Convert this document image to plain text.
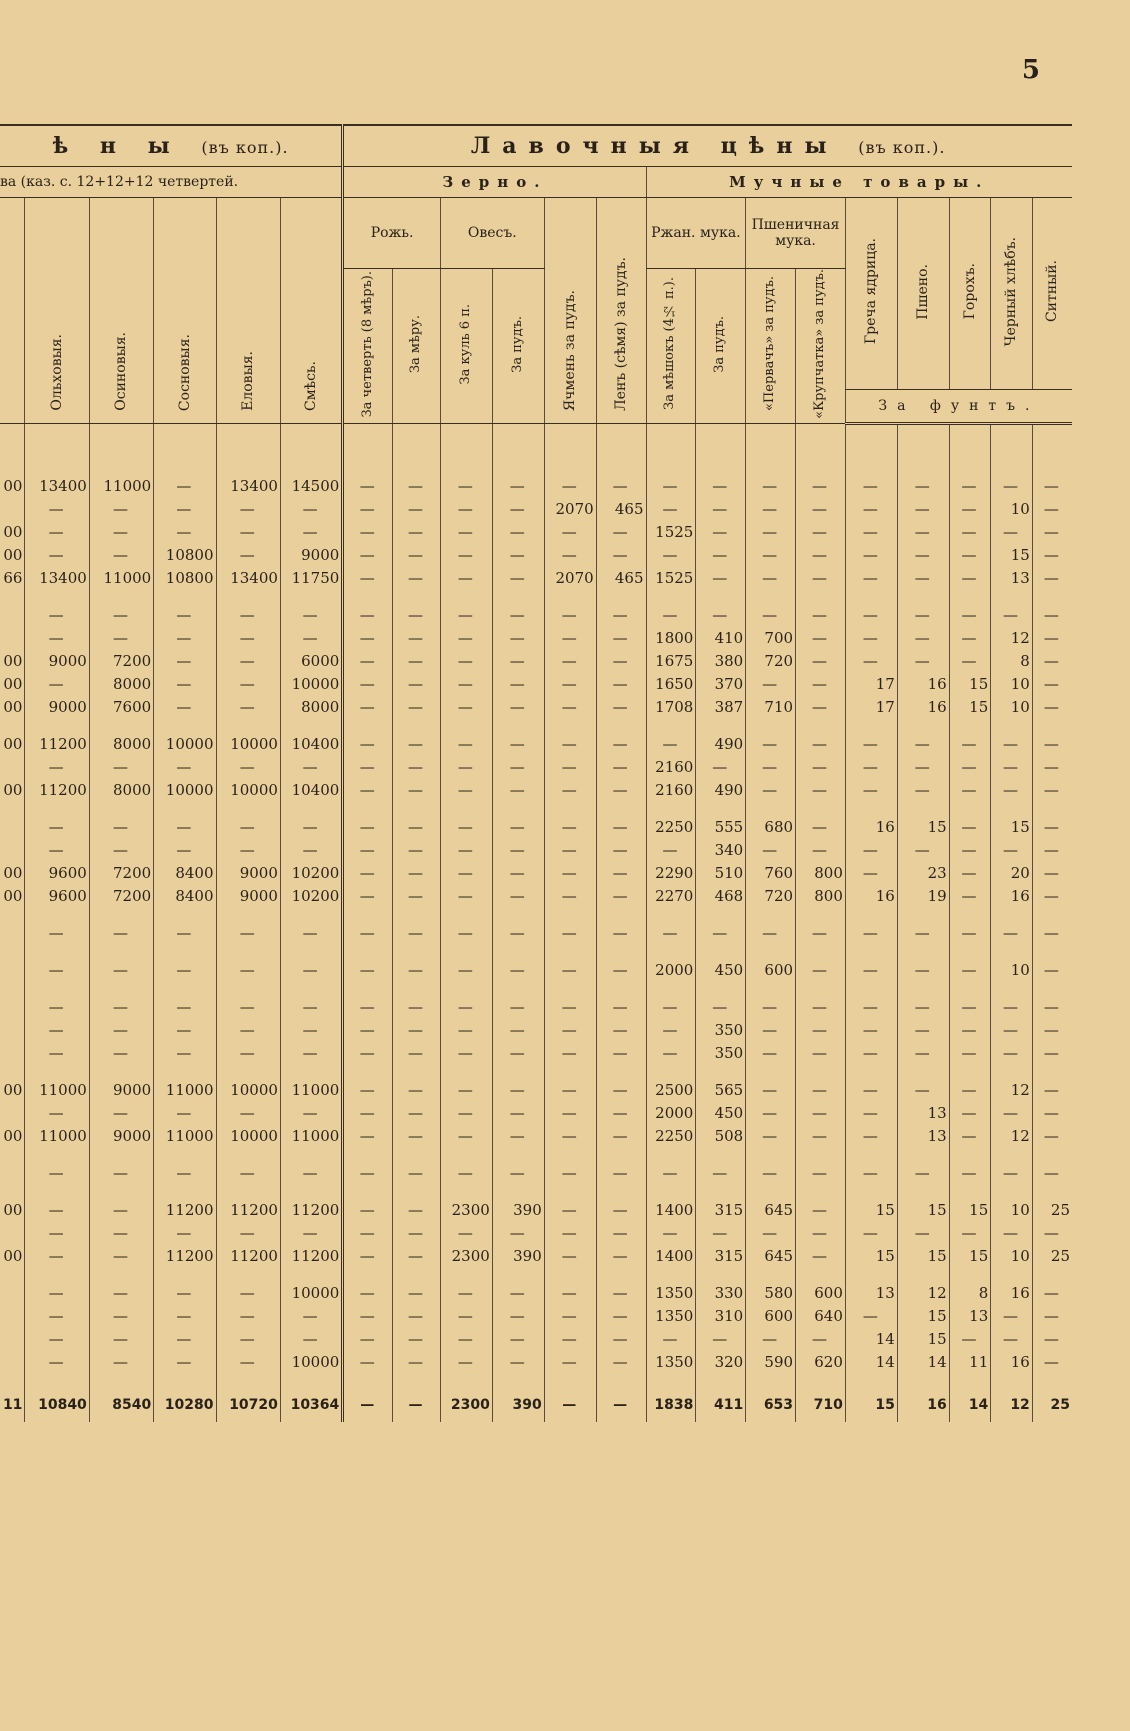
5
ѣ н ы (въ коп.).						Лавочныя цѣны (въ коп.).														
ва (каз. с. 12+12+12 четвертей.						Зерно.						Мучные товары.								
	Ольховыя.	Осиновыя.	Сосновыя.	Еловыя.	Смѣсь.	Рожь.		Овесъ.		Ячмень за пудъ.	Ленъ (сѣмя) за пудъ.	Ржан. мука.		Пшеничная мука.		Греча ядрица.	Пшено.	Горохъ.	Черный хлѣбъ.	Ситный.
						За четверть (8 мѣръ).	За мѣру.	За куль 6 п.	За пудъ.			За мѣшокъ (4½ п.).	За пудъ.	«Первачъ» за пудъ.	«Крупчатка» за пудъ.					
																За фунтъ.				

00	13400	11000	—	13400	14500	—	—	—	—	—	—	—	—	—	—	—	—	—	—	—
	—	—	—	—	—	—	—	—	—	2070	465	—	—	—	—	—	—	—	10	—
00	—	—	—	—	—	—	—	—	—	—	—	1525	—	—	—	—	—	—	—	—
00	—	—	10800	—	9000	—	—	—	—	—	—	—	—	—	—	—	—	—	15	—
66	13400	11000	10800	13400	11750	—	—	—	—	2070	465	1525	—	—	—	—	—	—	13	—

	—	—	—	—	—	—	—	—	—	—	—	—	—	—	—	—	—	—	—	—
	—	—	—	—	—	—	—	—	—	—	—	1800	410	700	—	—	—	—	12	—
00	9000	7200	—	—	6000	—	—	—	—	—	—	1675	380	720	—	—	—	—	8	—
00	—	8000	—	—	10000	—	—	—	—	—	—	1650	370	—	—	17	16	15	10	—
00	9000	7600	—	—	8000	—	—	—	—	—	—	1708	387	710	—	17	16	15	10	—

00	11200	8000	10000	10000	10400	—	—	—	—	—	—	—	490	—	—	—	—	—	—	—
	—	—	—	—	—	—	—	—	—	—	—	2160	—	—	—	—	—	—	—	—
00	11200	8000	10000	10000	10400	—	—	—	—	—	—	2160	490	—	—	—	—	—	—	—

	—	—	—	—	—	—	—	—	—	—	—	2250	555	680	—	16	15	—	15	—
	—	—	—	—	—	—	—	—	—	—	—	—	340	—	—	—	—	—	—	—
00	9600	7200	8400	9000	10200	—	—	—	—	—	—	2290	510	760	800	—	23	—	20	—
00	9600	7200	8400	9000	10200	—	—	—	—	—	—	2270	468	720	800	16	19	—	16	—

	—	—	—	—	—	—	—	—	—	—	—	—	—	—	—	—	—	—	—	—

	—	—	—	—	—	—	—	—	—	—	—	2000	450	600	—	—	—	—	10	—

	—	—	—	—	—	—	—	—	—	—	—	—	—	—	—	—	—	—	—	—
	—	—	—	—	—	—	—	—	—	—	—	—	350	—	—	—	—	—	—	—
	—	—	—	—	—	—	—	—	—	—	—	—	350	—	—	—	—	—	—	—

00	11000	9000	11000	10000	11000	—	—	—	—	—	—	2500	565	—	—	—	—	—	12	—
	—	—	—	—	—	—	—	—	—	—	—	2000	450	—	—	—	13	—	—	—
00	11000	9000	11000	10000	11000	—	—	—	—	—	—	2250	508	—	—	—	13	—	12	—

	—	—	—	—	—	—	—	—	—	—	—	—	—	—	—	—	—	—	—	—

00	—	—	11200	11200	11200	—	—	2300	390	—	—	1400	315	645	—	15	15	15	10	25
	—	—	—	—	—	—	—	—	—	—	—	—	—	—	—	—	—	—	—	—
00	—	—	11200	11200	11200	—	—	2300	390	—	—	1400	315	645	—	15	15	15	10	25

	—	—	—	—	10000	—	—	—	—	—	—	1350	330	580	600	13	12	8	16	—
	—	—	—	—	—	—	—	—	—	—	—	1350	310	600	640	—	15	13	—	—
	—	—	—	—	—	—	—	—	—	—	—	—	—	—	—	14	15	—	—	—
	—	—	—	—	10000	—	—	—	—	—	—	1350	320	590	620	14	14	11	16	—

11	10840	8540	10280	10720	10364	—	—	2300	390	—	—	1838	411	653	710	15	16	14	12	25
